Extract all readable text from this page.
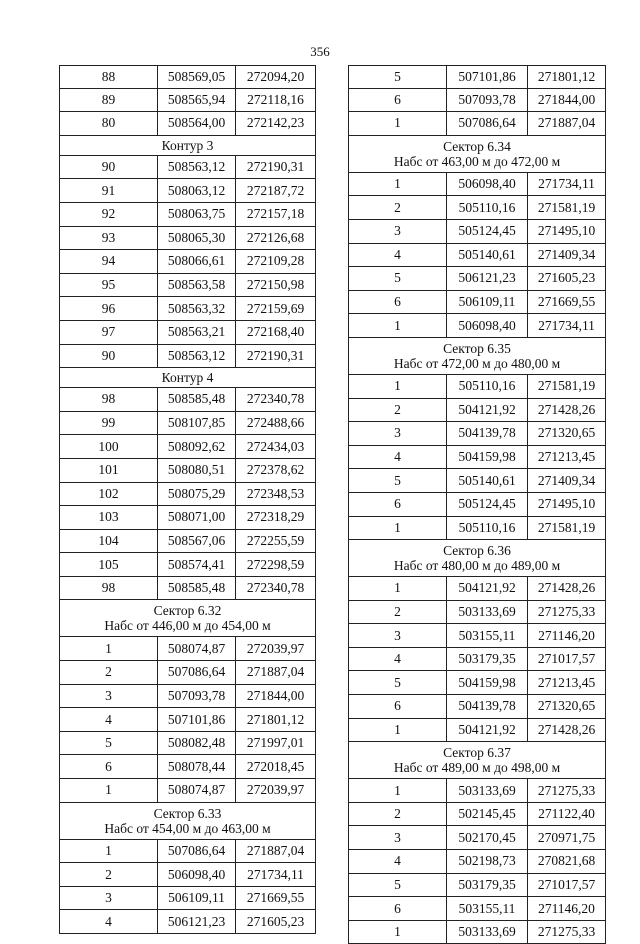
356
88	508569,05	272094,20
89	508565,94	272118,16
80	508564,00	272142,23
Контур 3
90	508563,12	272190,31
91	508063,12	272187,72
92	508063,75	272157,18
93	508065,30	272126,68
94	508066,61	272109,28
95	508563,58	272150,98
96	508563,32	272159,69
97	508563,21	272168,40
90	508563,12	272190,31
Контур 4
98	508585,48	272340,78
99	508107,85	272488,66
100	508092,62	272434,03
101	508080,51	272378,62
102	508075,29	272348,53
103	508071,00	272318,29
104	508567,06	272255,59
105	508574,41	272298,59
98	508585,48	272340,78
Сектор 6.32
Набс от 446,00 м до 454,00 м
1	508074,87	272039,97
2	507086,64	271887,04
3	507093,78	271844,00
4	507101,86	271801,12
5	508082,48	271997,01
6	508078,44	272018,45
1	508074,87	272039,97
Сектор 6.33
Набс от 454,00 м до 463,00 м
1	507086,64	271887,04
2	506098,40	271734,11
3	506109,11	271669,55
4	506121,23	271605,23
5	507101,86	271801,12
6	507093,78	271844,00
1	507086,64	271887,04
Сектор 6.34
Набс от 463,00 м до 472,00 м
1	506098,40	271734,11
2	505110,16	271581,19
3	505124,45	271495,10
4	505140,61	271409,34
5	506121,23	271605,23
6	506109,11	271669,55
1	506098,40	271734,11
Сектор 6.35
Набс от 472,00 м до 480,00 м
1	505110,16	271581,19
2	504121,92	271428,26
3	504139,78	271320,65
4	504159,98	271213,45
5	505140,61	271409,34
6	505124,45	271495,10
1	505110,16	271581,19
Сектор 6.36
Набс от 480,00 м до 489,00 м
1	504121,92	271428,26
2	503133,69	271275,33
3	503155,11	271146,20
4	503179,35	271017,57
5	504159,98	271213,45
6	504139,78	271320,65
1	504121,92	271428,26
Сектор 6.37
Набс от 489,00 м до 498,00 м
1	503133,69	271275,33
2	502145,45	271122,40
3	502170,45	270971,75
4	502198,73	270821,68
5	503179,35	271017,57
6	503155,11	271146,20
1	503133,69	271275,33
